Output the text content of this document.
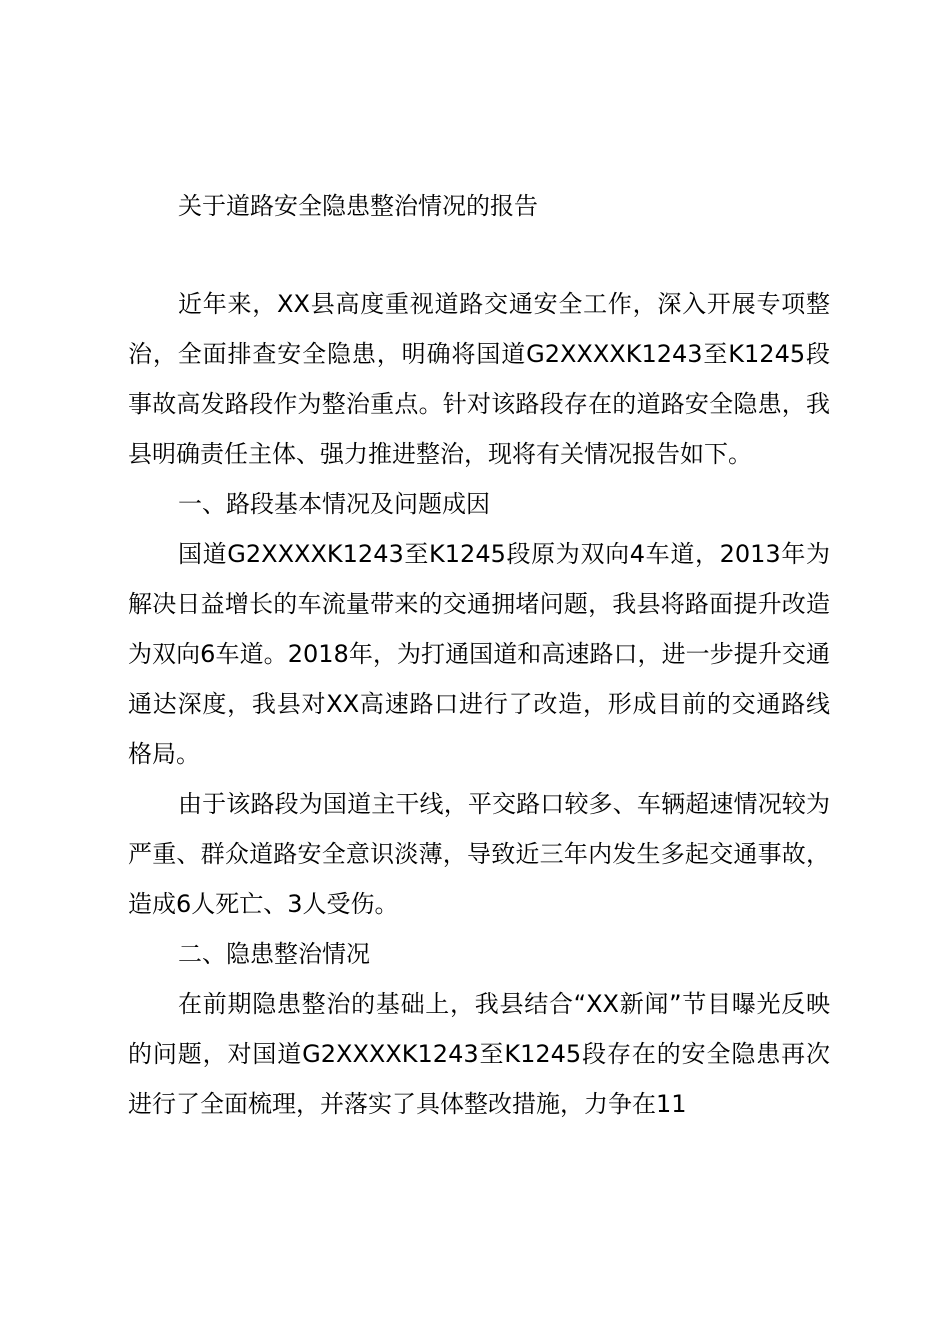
关于道路安全隐患整治情况的报告

近年来，XX县高度重视道路交通安全工作，深入开展专项整治，全面排查安全隐患，明确将国道G2XXXXK1243至K1245段事故高发路段作为整治重点。针对该路段存在的道路安全隐患，我县明确责任主体、强力推进整治，现将有关情况报告如下。

一、路段基本情况及问题成因

国道G2XXXXK1243至K1245段原为双向4车道，2013年为解决日益增长的车流量带来的交通拥堵问题，我县将路面提升改造为双向6车道。2018年，为打通国道和高速路口，进一步提升交通通达深度，我县对XX高速路口进行了改造，形成目前的交通路线格局。

由于该路段为国道主干线，平交路口较多、车辆超速情况较为严重、群众道路安全意识淡薄，导致近三年内发生多起交通事故，造成6人死亡、3人受伤。

二、隐患整治情况

在前期隐患整治的基础上，我县结合“XX新闻”节目曝光反映的问题，对国道G2XXXXK1243至K1245段存在的安全隐患再次进行了全面梳理，并落实了具体整改措施，力争在11
